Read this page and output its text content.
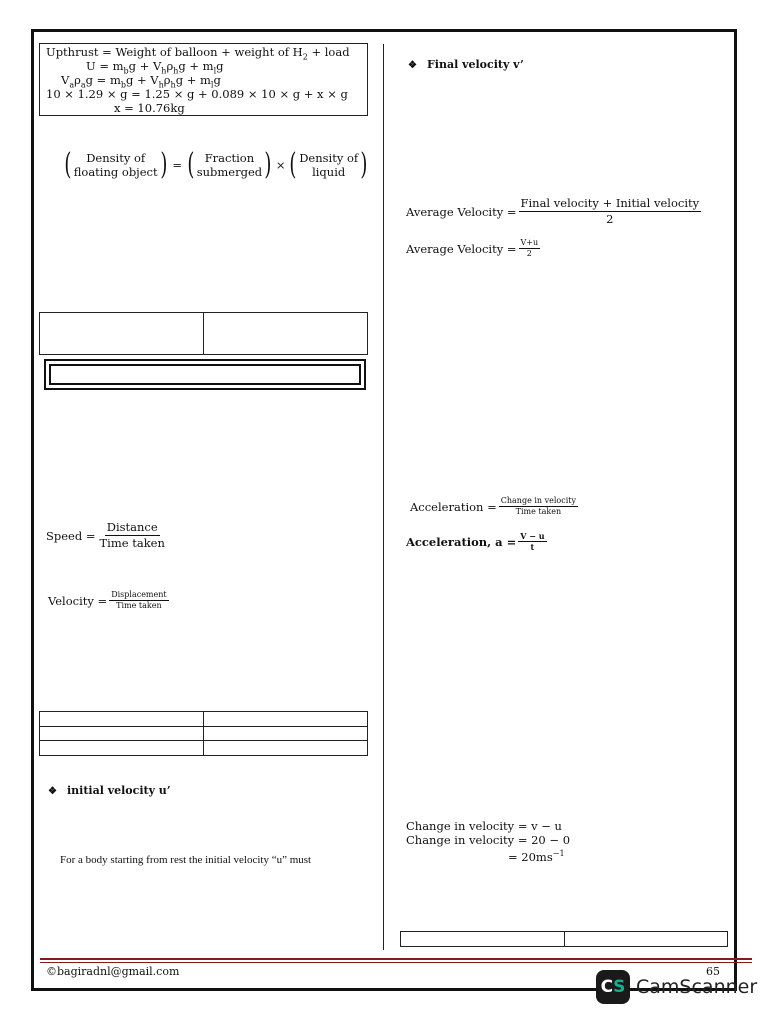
Upthrust = Weight of balloon + weight of $H_2$ + load
$U = m_bg + V_h\rho_hg + m_lg$
$V_a\rho_ag = m_bg + V_h\rho_hg + m_lg$
10 × 1.29 × g = 1.25 × g + 0.089 × 10 × g + x × g
x = 10.76kg
( Density of
floating object ) = ( Fraction
submerged ) × ( Density of
liquid )

Speed = $\frac{\text{Distance}}{\text{Time taken}}$
Velocity = $\frac{\text{Displacement}}{\text{Time taken}}$

❖ initial velocity u’
For a body starting from rest the initial velocity “u” must
❖ Final velocity v’
Average Velocity = $\frac{\text{Final velocity + Initial velocity}}{2}$
Average Velocity = $\frac{V+u}{2}$
Acceleration = $\frac{\text{Change in velocity}}{\text{Time taken}}$
Acceleration, $a = \frac{V - u}{t}$
Change in velocity = v − u
Change in velocity = 20 − 0
= $20ms^{-1}$

©bagiradnl@gmail.com	65
C S CamScanner
